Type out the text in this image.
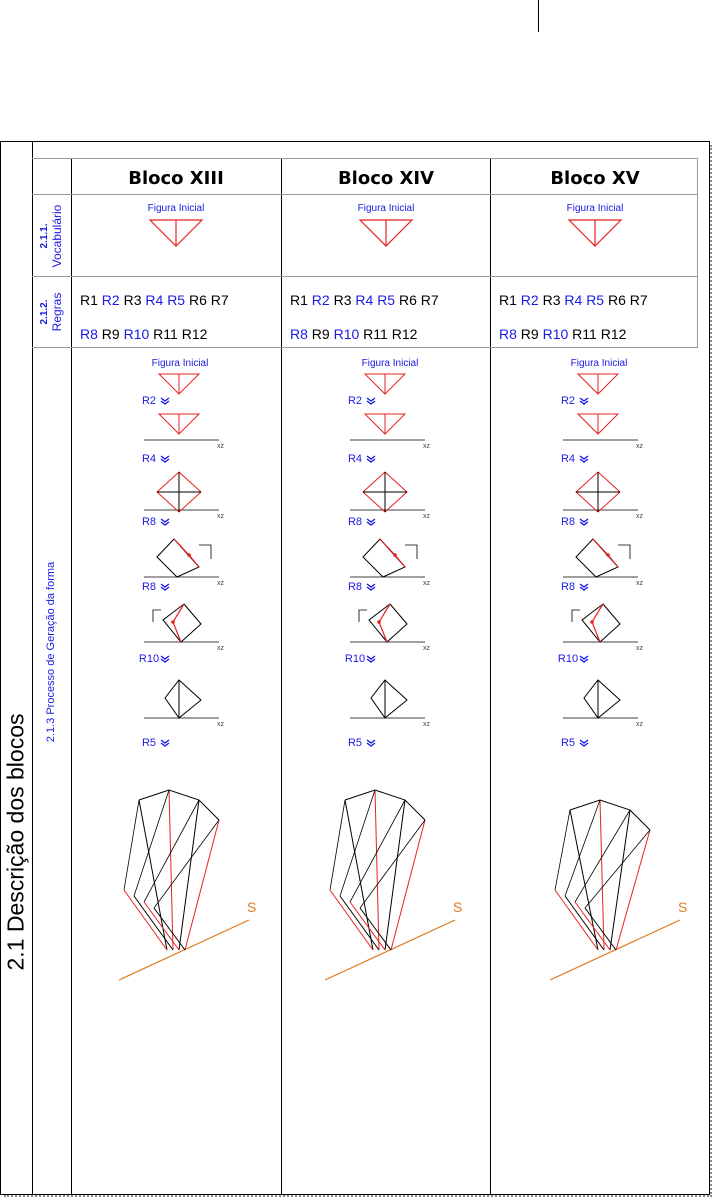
2.1 Descrição dos blocos
2.1.1. Vocabulário
2.1.2. Regras
2.1.3 Processo de Geração da forma
Bloco XIII
Figura Inicial
R1 R2 R3 R4 R5 R6 R7
R8 R9 R10 R11 R12
Figura Inicial
R2
R4
R8
R8
R10
R5
xz
xz
xz
xz
xz
S
Bloco XIV
Figura Inicial
R1 R2 R3 R4 R5 R6 R7
R8 R9 R10 R11 R12
Figura Inicial
R2
R4
R8
R8
R10
R5
xz
xz
xz
xz
xz
S
Bloco XV
Figura Inicial
R1 R2 R3 R4 R5 R6 R7
R8 R9 R10 R11 R12
Figura Inicial
R2
R4
R8
R8
R10
R5
xz
xz
xz
xz
xz
S
